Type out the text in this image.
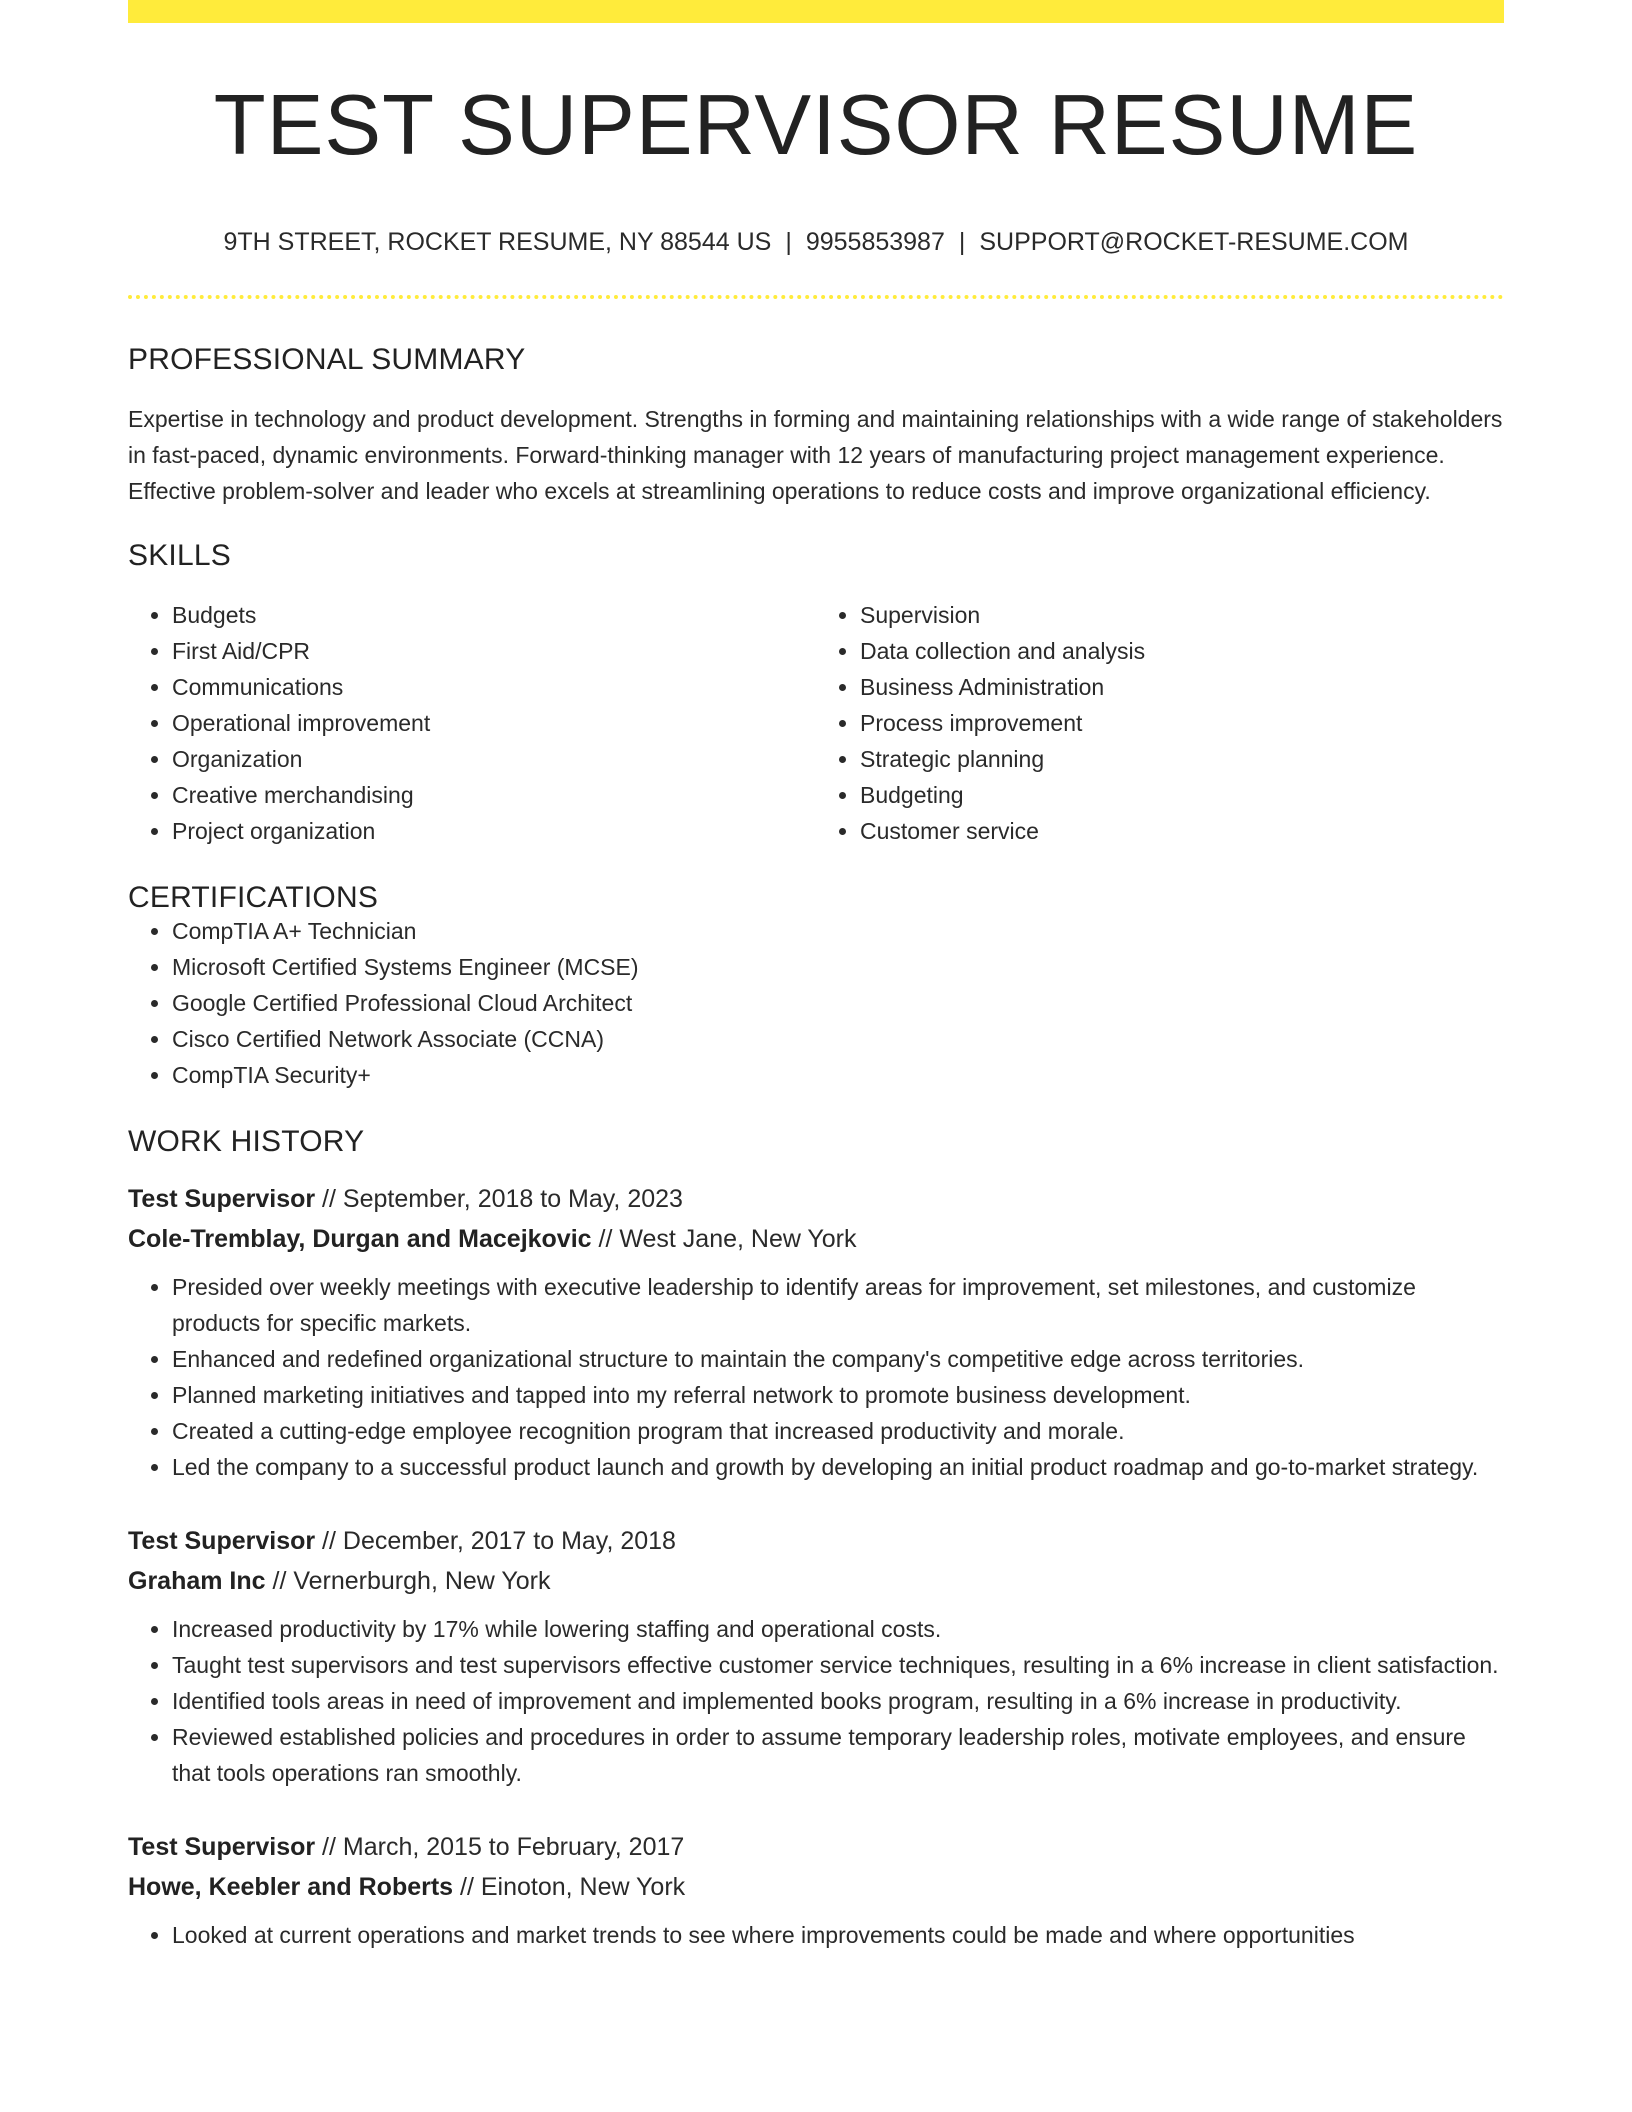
TEST SUPERVISOR RESUME
9TH STREET, ROCKET RESUME, NY 88544 US | 9955853987 | SUPPORT@ROCKET-RESUME.COM
PROFESSIONAL SUMMARY

Expertise in technology and product development. Strengths in forming and maintaining relationships with a wide range of stakeholders in fast-paced, dynamic environments. Forward-thinking manager with 12 years of manufacturing project management experience. Effective problem-solver and leader who excels at streamlining operations to reduce costs and improve organizational efficiency.

SKILLS
• Budgets
• First Aid/CPR
• Communications
• Operational improvement
• Organization
• Creative merchandising
• Project organization
• Supervision
• Data collection and analysis
• Business Administration
• Process improvement
• Strategic planning
• Budgeting
• Customer service
CERTIFICATIONS
• CompTIA A+ Technician
• Microsoft Certified Systems Engineer (MCSE)
• Google Certified Professional Cloud Architect
• Cisco Certified Network Associate (CCNA)
• CompTIA Security+
WORK HISTORY
Test Supervisor // September, 2018 to May, 2023
Cole-Tremblay, Durgan and Macejkovic // West Jane, New York
• Presided over weekly meetings with executive leadership to identify areas for improvement, set milestones, and customize products for specific markets.
• Enhanced and redefined organizational structure to maintain the company's competitive edge across territories.
• Planned marketing initiatives and tapped into my referral network to promote business development.
• Created a cutting-edge employee recognition program that increased productivity and morale.
• Led the company to a successful product launch and growth by developing an initial product roadmap and go-to-market strategy.
Test Supervisor // December, 2017 to May, 2018
Graham Inc // Vernerburgh, New York
• Increased productivity by 17% while lowering staffing and operational costs.
• Taught test supervisors and test supervisors effective customer service techniques, resulting in a 6% increase in client satisfaction.
• Identified tools areas in need of improvement and implemented books program, resulting in a 6% increase in productivity.
• Reviewed established policies and procedures in order to assume temporary leadership roles, motivate employees, and ensure that tools operations ran smoothly.
Test Supervisor // March, 2015 to February, 2017
Howe, Keebler and Roberts // Einoton, New York
• Looked at current operations and market trends to see where improvements could be made and where opportunities
